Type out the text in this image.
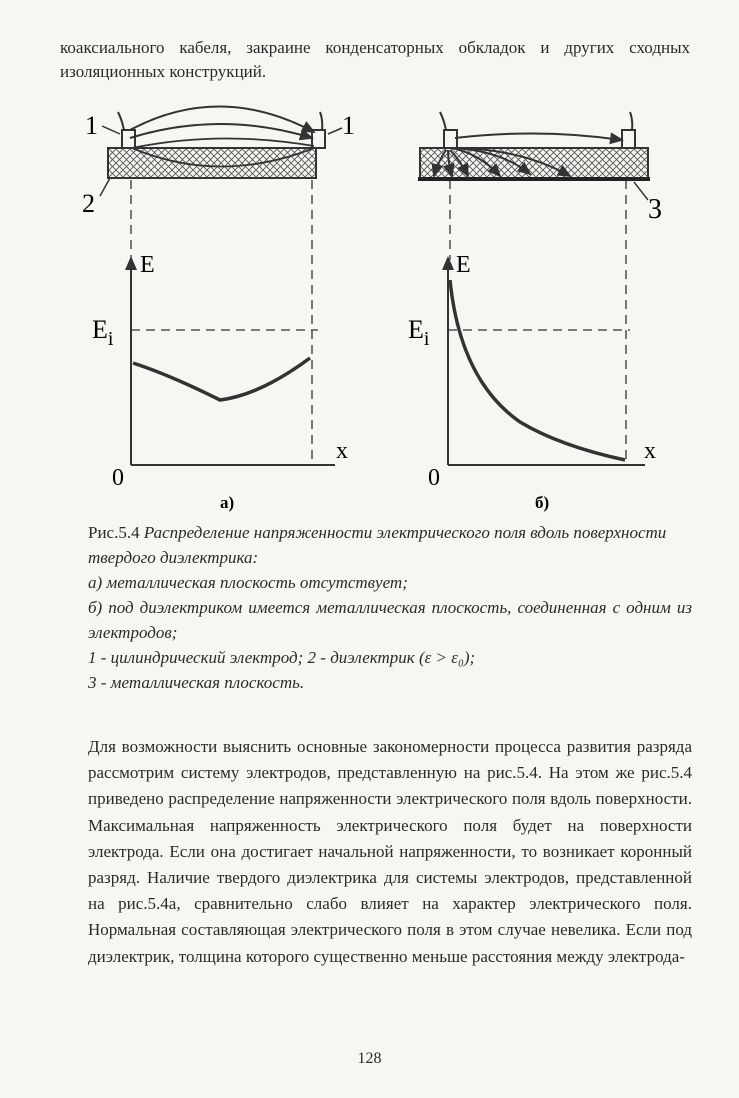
коаксиального кабеля, закраине конденсаторных обкладок и других сходных изоляционных конструкций.
1	1
2
E
x
0
$E_i$
а)
3
E
x
0
$E_i$
б)

Рис.5.4 Распределение напряженности электрического поля вдоль поверхности твердого диэлектрика:

а) металлическая плоскость отсутствует;

б) под диэлектриком имеется металлическая плоскость, соединенная с одним из электродов;

1 - цилиндрический электрод; 2 - диэлектрик (ε > ε₀);

3 - металлическая плоскость.

Для возможности выяснить основные закономерности процесса развития разряда рассмотрим систему электродов, представленную на рис.5.4. На этом же рис.5.4 приведено распределение напряженности электрического поля вдоль поверхности. Максимальная напряженность электрического поля будет на поверхности электрода. Если она достигает начальной напряженности, то возникает коронный разряд. Наличие твердого диэлектрика для системы электродов, представленной на рис.5.4а, сравнительно слабо влияет на характер электрического поля. Нормальная составляющая электрического поля в этом случае невелика. Если под диэлектрик, толщина которого существенно меньше расстояния между электрода-
128
